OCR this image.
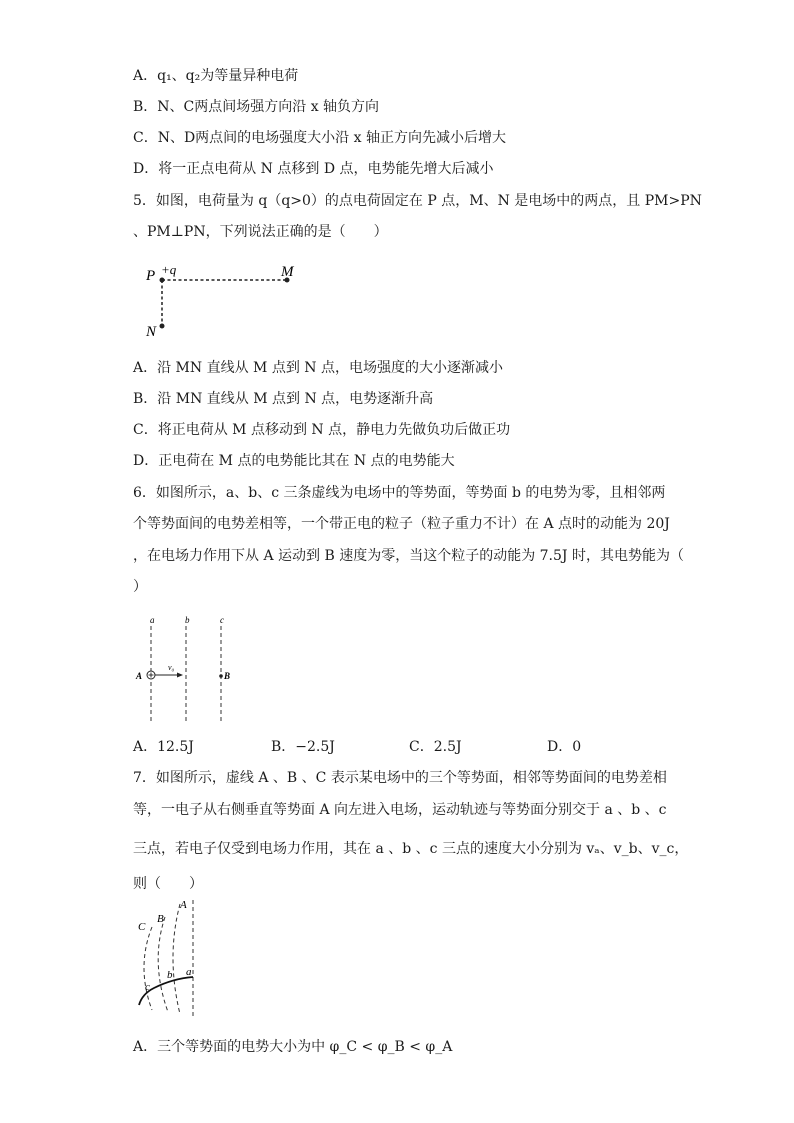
A．q₁、q₂为等量异种电荷
B．N、C两点间场强方向沿 x 轴负方向
C．N、D两点间的电场强度大小沿 x 轴正方向先减小后增大
D．将一正点电荷从 N 点移到 D 点，电势能先增大后减小
5．如图，电荷量为 q（q>0）的点电荷固定在 P 点，M、N 是电场中的两点，且 PM>PN
、PM⊥PN，下列说法正确的是（　　）
P +q	M
N
A．沿 MN 直线从 M 点到 N 点，电场强度的大小逐渐减小
B．沿 MN 直线从 M 点到 N 点，电势逐渐升高
C．将正电荷从 M 点移动到 N 点，静电力先做负功后做正功
D．正电荷在 M 点的电势能比其在 N 点的电势能大
6．如图所示，a、b、c 三条虚线为电场中的等势面，等势面 b 的电势为零，且相邻两
个等势面间的电势差相等，一个带正电的粒子（粒子重力不计）在 A 点时的动能为 20J
，在电场力作用下从 A 运动到 B 速度为零，当这个粒子的动能为 7.5J 时，其电势能为（
）
a	b	c
v₀
A	B
A．12.5J	B．−2.5J	C．2.5J	D．0
7．如图所示，虚线 A 、B 、C 表示某电场中的三个等势面，相邻等势面间的电势差相
等，一电子从右侧垂直等势面 A 向左进入电场，运动轨迹与等势面分别交于 a 、b 、c
三点，若电子仅受到电场力作用，其在 a 、b 、c 三点的速度大小分别为 vₐ、v_b、v_c，
则（　　）
A
B
C
a
b
c
A．三个等势面的电势大小为中 φ_C < φ_B < φ_A
